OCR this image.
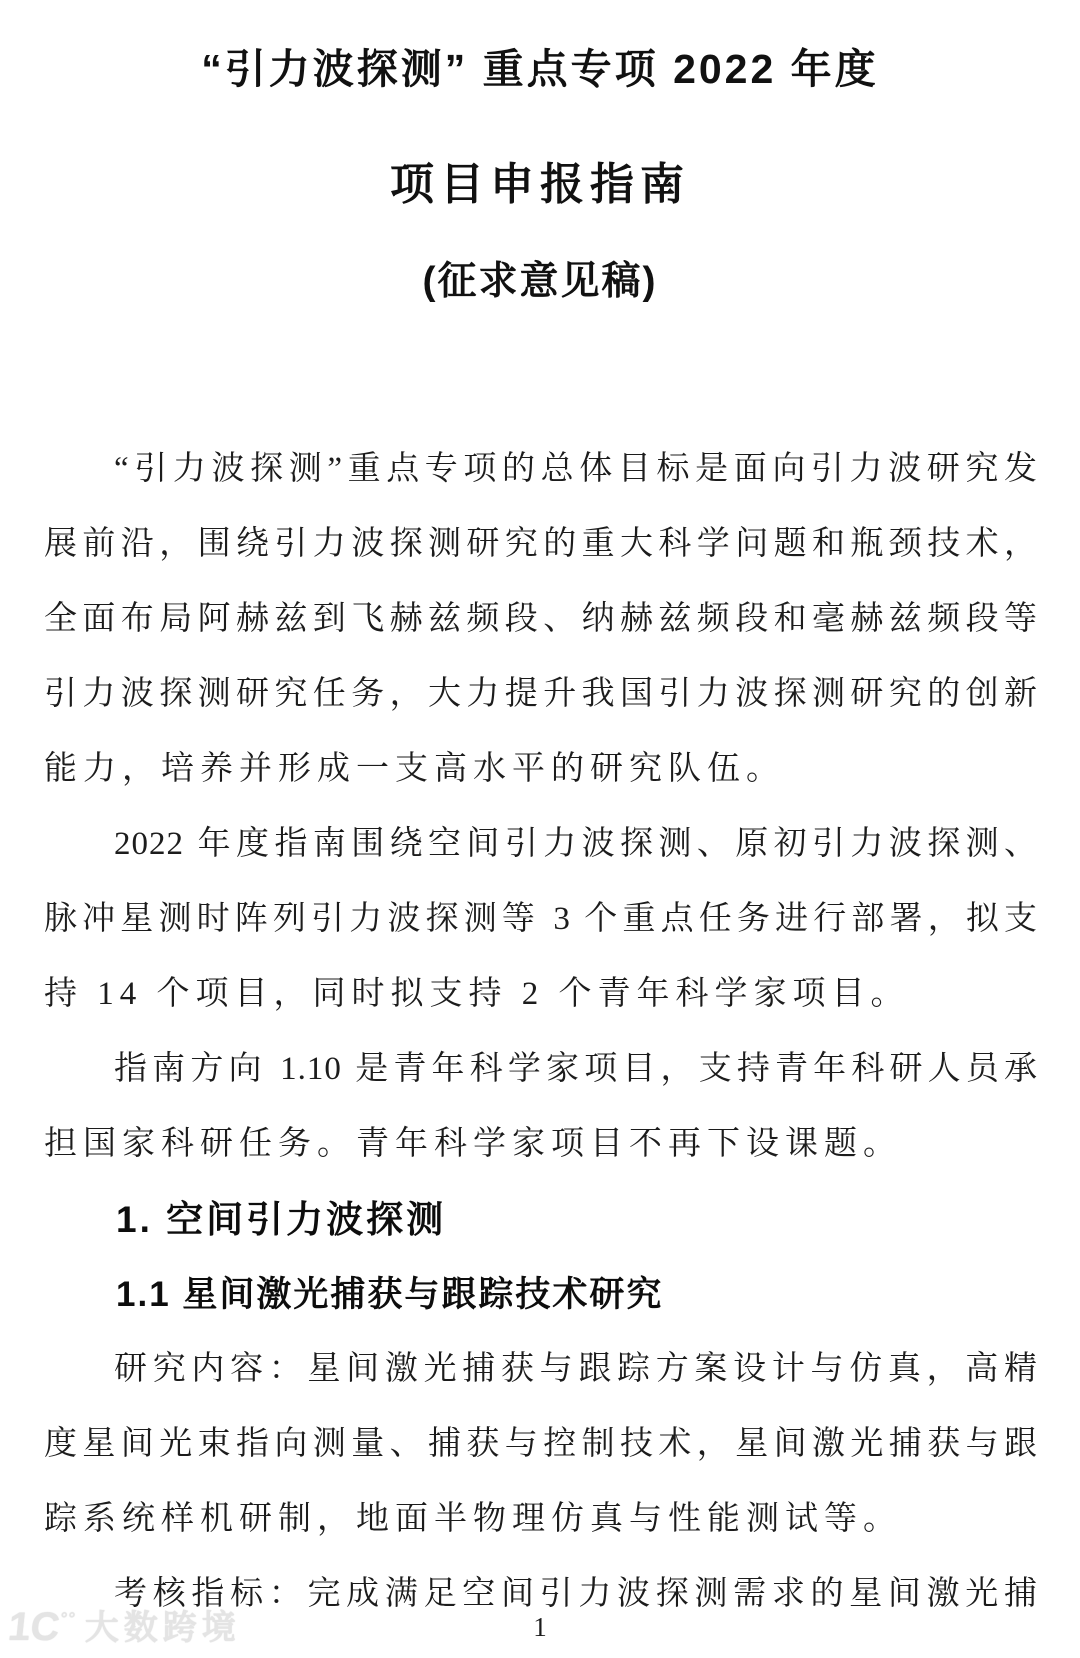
“引力波探测” 重点专项 2022 年度
项目申报指南
(征求意见稿)
“引力波探测”重点专项的总体目标是面向引力波研究发
展前沿，围绕引力波探测研究的重大科学问题和瓶颈技术，
全面布局阿赫兹到飞赫兹频段、纳赫兹频段和毫赫兹频段等
引力波探测研究任务，大力提升我国引力波探测研究的创新
能力，培养并形成一支高水平的研究队伍。
2022 年度指南围绕空间引力波探测、原初引力波探测、
脉冲星测时阵列引力波探测等 3 个重点任务进行部署，拟支
持 14 个项目，同时拟支持 2 个青年科学家项目。
指南方向 1.10 是青年科学家项目，支持青年科研人员承
担国家科研任务。青年科学家项目不再下设课题。
1. 空间引力波探测
1.1 星间激光捕获与跟踪技术研究
研究内容：星间激光捕获与跟踪方案设计与仿真，高精
度星间光束指向测量、捕获与控制技术，星间激光捕获与跟
踪系统样机研制，地面半物理仿真与性能测试等。
考核指标：完成满足空间引力波探测需求的星间激光捕
1
1C°° 大数跨境
